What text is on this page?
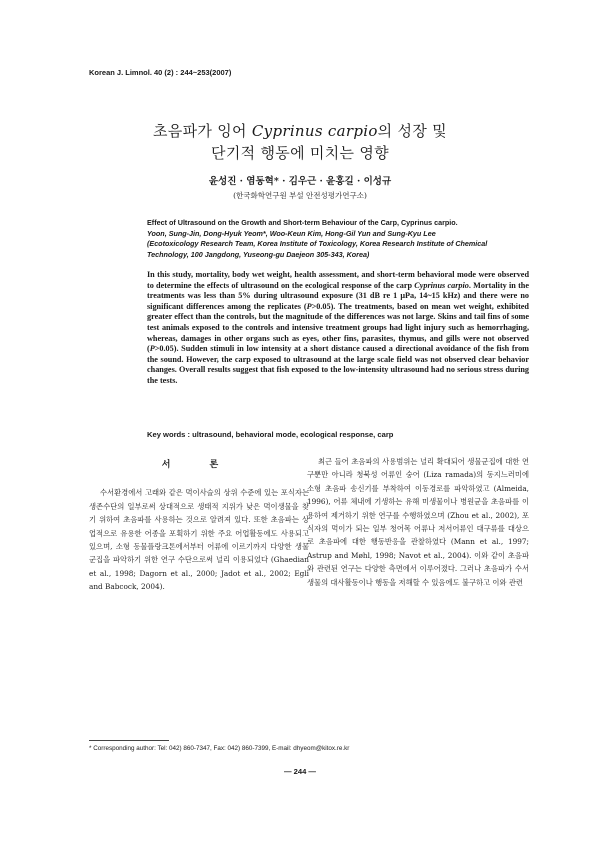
Korean J. Limnol. 40 (2) : 244~253(2007)
초음파가 잉어 Cyprinus carpio의 성장 및
단기적 행동에 미치는 영향
윤성진 · 염동혁* · 김우근 · 윤홍길 · 이성규
(한국화학연구원 부설 안전성평가연구소)
Effect of Ultrasound on the Growth and Short-term Behaviour of the Carp, Cyprinus carpio.
Yoon, Sung-Jin, Dong-Hyuk Yeom*, Woo-Keun Kim, Hong-Gil Yun and Sung-Kyu Lee
(Ecotoxicology Research Team, Korea Institute of Toxicology, Korea Research Institute of Chemical Technology, 100 Jangdong, Yuseong-gu Daejeon 305-343, Korea)
In this study, mortality, body wet weight, health assessment, and short-term behavioral mode were observed to determine the effects of ultrasound on the ecological response of the carp Cyprinus carpio. Mortality in the treatments was less than 5% during ultrasound exposure (31 dB re 1 μPa, 14~15 kHz) and there were no significant differences among the replicates (P>0.05). The treatments, based on mean wet weight, exhibited greater effect than the controls, but the magnitude of the differences was not large. Skins and tail fins of some test animals exposed to the controls and intensive treatment groups had light injury such as hemorrhaging, whereas, damages in other organs such as eyes, other fins, parasites, thymus, and gills were not observed (P>0.05). Sudden stimuli in low intensity at a short distance caused a directional avoidance of the fish from the sound. However, the carp exposed to ultrasound at the large scale field was not observed clear behavior changes. Overall results suggest that fish exposed to the low-intensity ultrasound had no serious stress during the tests.
Key words : ultrasound, behavioral mode, ecological response, carp
서 론

수서환경에서 고래와 같은 먹이사슬의 상위 수준에 있는 포식자는 생존수단의 일부로써 상대적으로 생태적 지위가 낮은 먹이생물을 찾기 위하여 초음파를 사용하는 것으로 알려져 있다. 또한 초음파는 상업적으로 유용한 어종을 포획하기 위한 주요 어업활동에도 사용되고 있으며, 소형 동물플랑크톤에서부터 어류에 이르기까지 다양한 생물군집을 파악하기 위한 연구 수단으로써 널리 이용되었다 (Ghaedian et al., 1998; Dagorn et al., 2000; Jadot et al., 2002; Egli and Babcock, 2004).

최근 들어 초음파의 사용범위는 널리 확대되어 생물군집에 대한 연구뿐만 아니라 청북성 어류인 숭어 (Liza ramada)의 동지느러미에 소형 초음파 송신기를 부착하여 이동경로를 파악하였고 (Almeida, 1996), 어류 체내에 기생하는 유해 미생물이나 병원균을 초음파를 이용하여 제거하기 위한 연구를 수행하였으며 (Zhou et al., 2002), 포식자의 먹이가 되는 일부 청어목 어류나 저서어류인 대구류를 대상으로 초음파에 대한 행동반응을 관찰하였다 (Mann et al., 1997; Astrup and Møhl, 1998; Navot et al., 2004). 이와 같이 초음파와 관련된 연구는 다양한 측면에서 이루어졌다. 그러나 초음파가 수서생물의 대사활동이나 행동을 저해할 수 있음에도 불구하고 이와 관련

* Corresponding author: Tel: 042) 860-7347, Fax: 042) 860-7399, E-mail: dhyeom@kitox.re.kr
— 244 —
